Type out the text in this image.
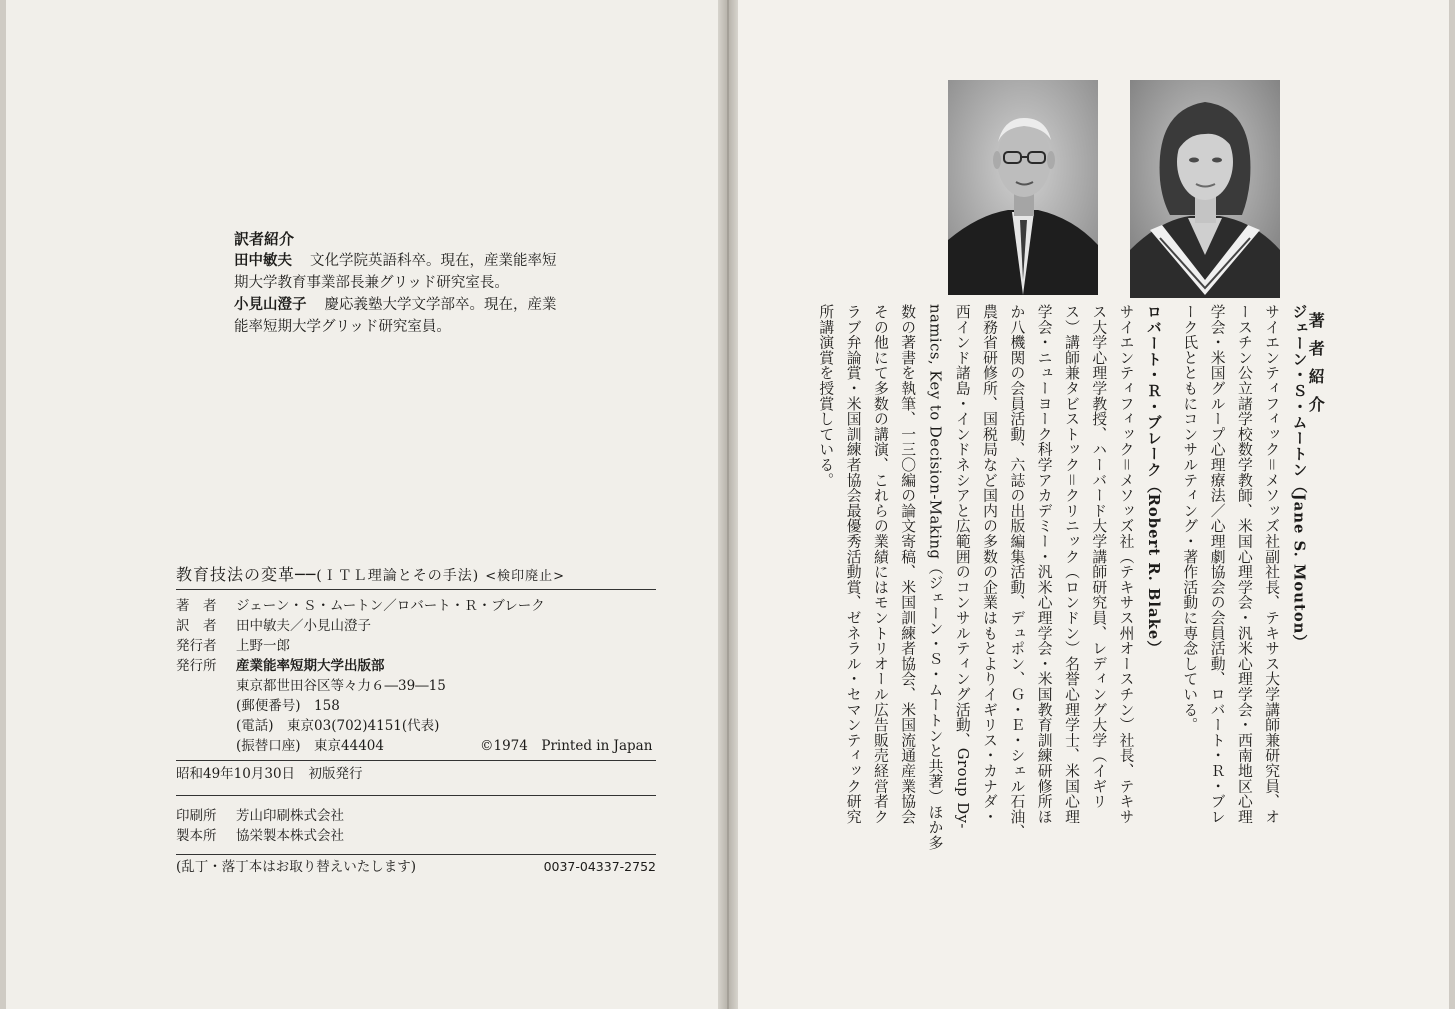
訳者紹介
田中敏夫 文化学院英語科卒。現在，産業能率短
期大学教育事業部長兼グリッド研究室長。
小見山澄子 慶応義塾大学文学部卒。現在，産業
能率短期大学グリッド研究室員。
教育技法の変革──(ＩＴＬ理論とその手法) <検印廃止>
著　者	ジェーン・Ｓ・ムートン／ロバート・Ｒ・ブレーク
訳　者	田中敏夫／小見山澄子
発行者	上野一郎
発行所	産業能率短期大学出版部
東京都世田谷区等々力６―39―15
(郵便番号)　158
(電話)　東京03(702)4151(代表)
(振替口座)　東京44404	©1974　Printed in Japan
昭和49年10月30日　初版発行
印刷所	芳山印刷株式会社
製本所	協栄製本株式会社
(乱丁・落丁本はお取り替えいたします)	0037-04337-2752
著者紹介
ジェーン・Ｓ・ムートン（Jane S. Mouton）
サイエンティフィック＝メソッズ社副社長、テキサス大学講師兼研究員、オ
ースチン公立諸学校数学教師、米国心理学会・汎米心理学会・西南地区心理
学会・米国グループ心理療法／心理劇協会の会員活動、ロバート・Ｒ・ブレ
ーク氏とともにコンサルティング・著作活動に専念している。
ロバート・Ｒ・ブレーク（Robert R. Blake）
サイエンティフィック＝メソッズ社（テキサス州オースチン）社長、テキサ
ス大学心理学教授、ハーバード大学講師研究員、レディング大学（イギリ
ス）講師兼タビストック＝クリニック（ロンドン）名誉心理学士、米国心理
学会・ニューヨーク科学アカデミー・汎米心理学会・米国教育訓練研修所ほ
か八機関の会員活動、六誌の出版編集活動、デュポン、Ｇ・Ｅ・シェル石油、
農務省研修所、国税局など国内の多数の企業はもとよりイギリス・カナダ・
西インド諸島・インドネシアと広範囲のコンサルティング活動、Group Dy-
namics, Key to Decision-Making（ジェーン・Ｓ・ムートンと共著）ほか多
数の著書を執筆、一三〇編の論文寄稿、米国訓練者協会、米国流通産業協会
その他にて多数の講演、これらの業績にはモントリオール広告販売経営者ク
ラブ弁論賞・米国訓練者協会最優秀活動賞、ゼネラル・セマンティック研究
所講演賞を授賞している。
